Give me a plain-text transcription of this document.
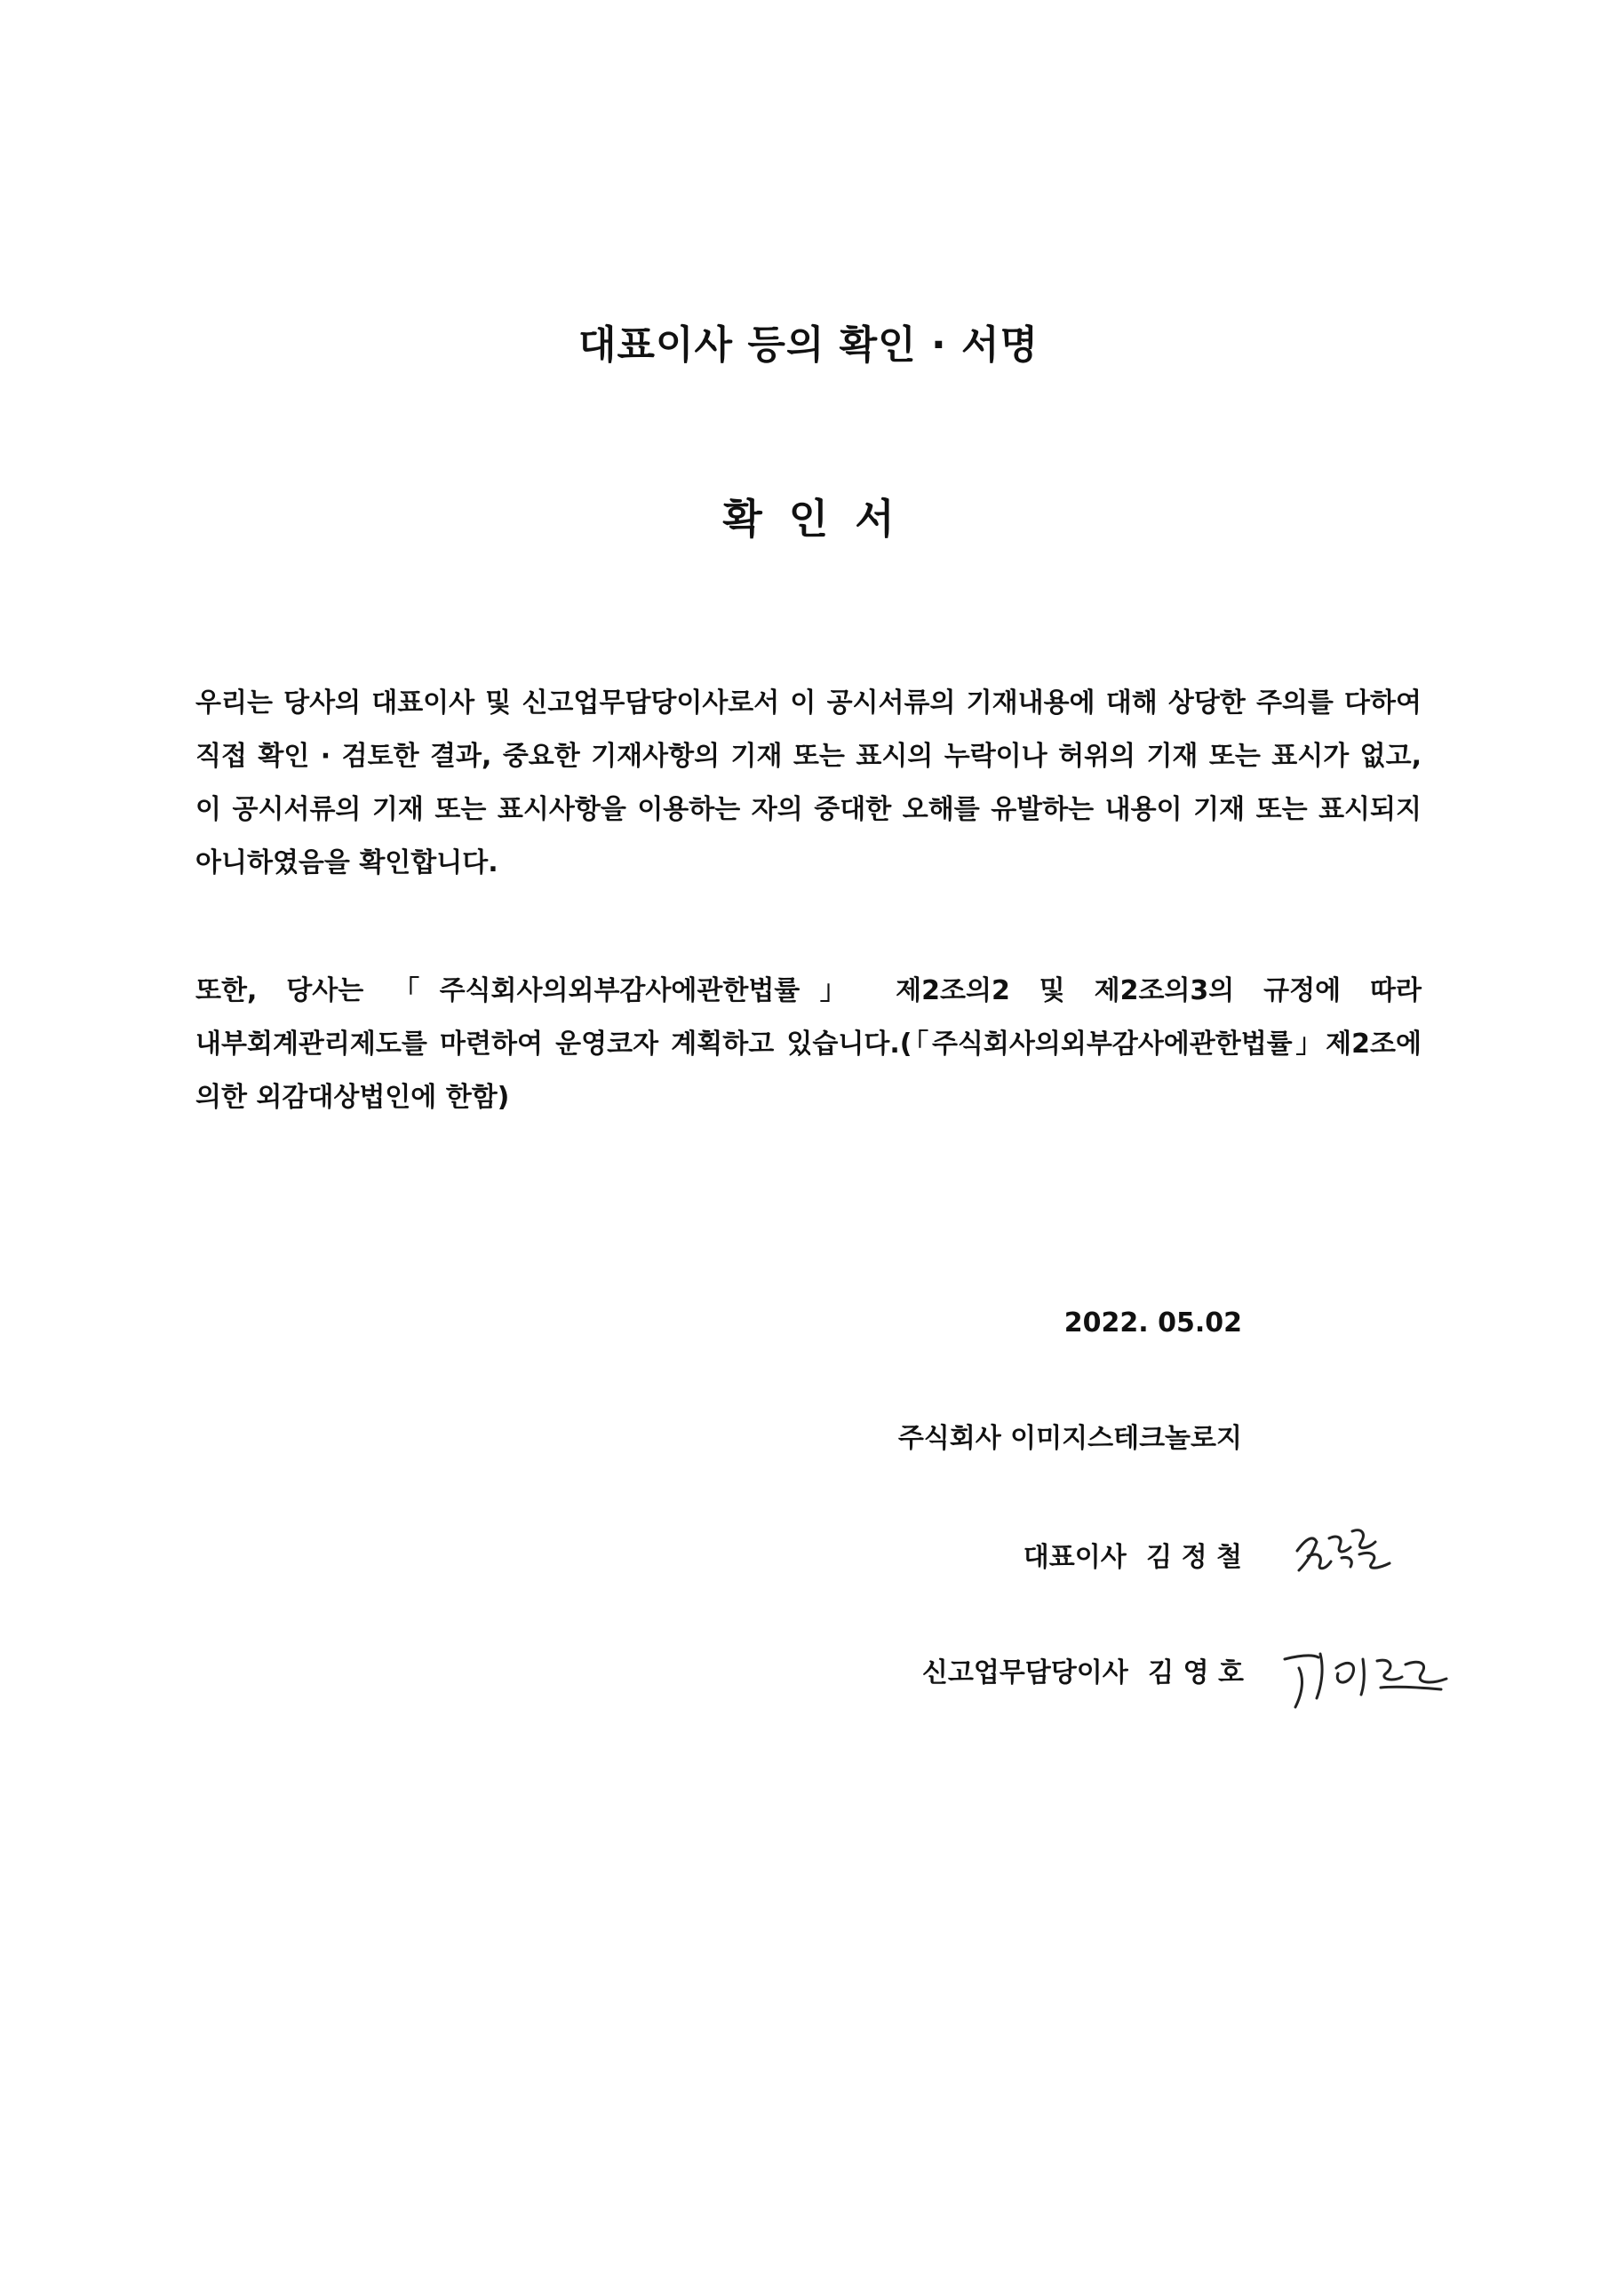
대표이사 등의 확인 · 서명
확 인 서

우리는 당사의 대표이사 및 신고업무담당이사로서 이 공시서류의 기재내용에 대해 상당한 주의를 다하여 직접 확인 · 검토한 결과, 중요한 기재사항의 기재 또는 표시의 누락이나 허위의 기재 또는 표시가 없고, 이 공시서류의 기재 또는 표시사항을 이용하는 자의 중대한 오해를 유발하는 내용이 기재 또는 표시되지 아니하였음을 확인합니다.

또한, 당사는 「주식회사의외부감사에관한법률」 제2조의2 및 제2조의3의 규정에 따라 내부회계관리제도를 마련하여 운영코자 계획하고 있습니다.(「주식회사의외부감사에관한법률」제2조에 의한 외감대상법인에 한함)

2022. 05.02
주식회사 이미지스테크놀로지
대표이사 김 정 철
신고업무담당이사 김 영 호
